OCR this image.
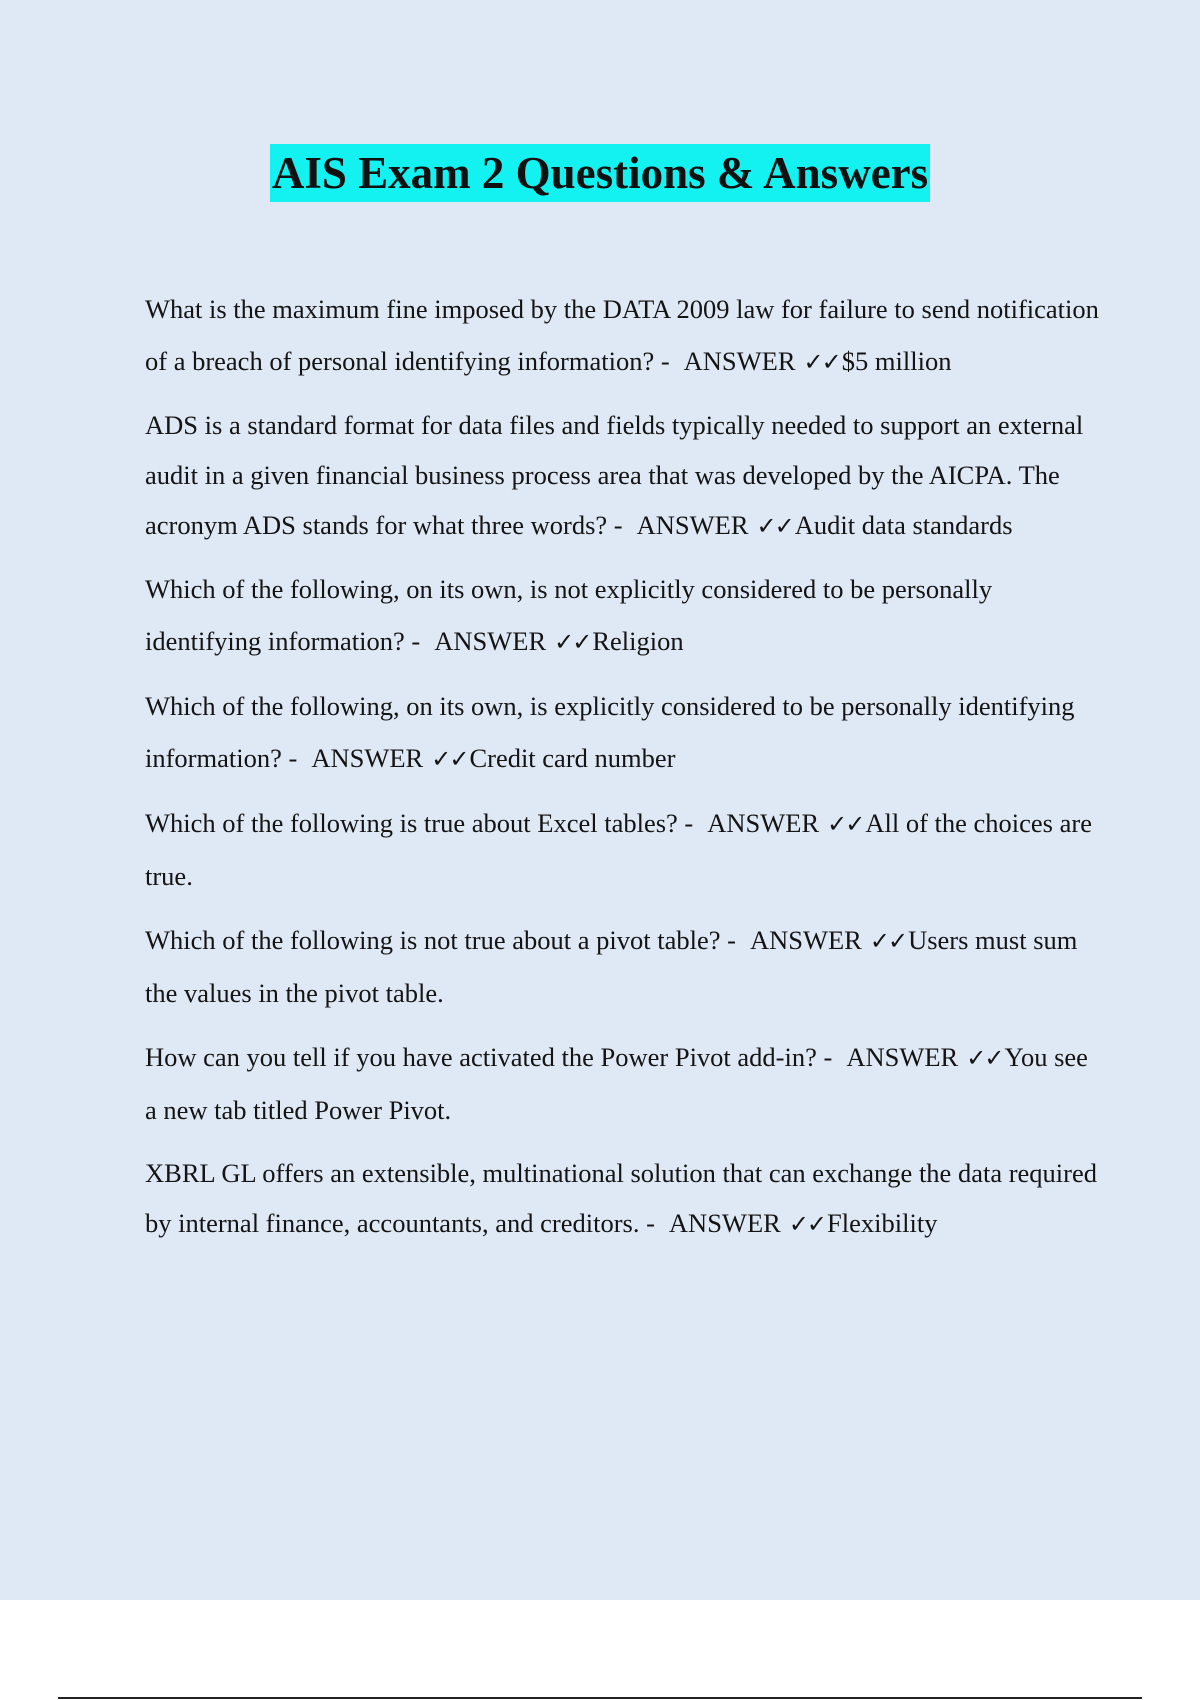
AIS Exam 2 Questions & Answers

What is the maximum fine imposed by the DATA 2009 law for failure to send notification of a breach of personal identifying information? - ANSWER ✓✓$5 million

ADS is a standard format for data files and fields typically needed to support an external audit in a given financial business process area that was developed by the AICPA. The acronym ADS stands for what three words? - ANSWER ✓✓Audit data standards

Which of the following, on its own, is not explicitly considered to be personally identifying information? - ANSWER ✓✓Religion

Which of the following, on its own, is explicitly considered to be personally identifying information? - ANSWER ✓✓Credit card number

Which of the following is true about Excel tables? - ANSWER ✓✓All of the choices are true.

Which of the following is not true about a pivot table? - ANSWER ✓✓Users must sum the values in the pivot table.

How can you tell if you have activated the Power Pivot add-in? - ANSWER ✓✓You see a new tab titled Power Pivot.

XBRL GL offers an extensible, multinational solution that can exchange the data required by internal finance, accountants, and creditors. - ANSWER ✓✓Flexibility
